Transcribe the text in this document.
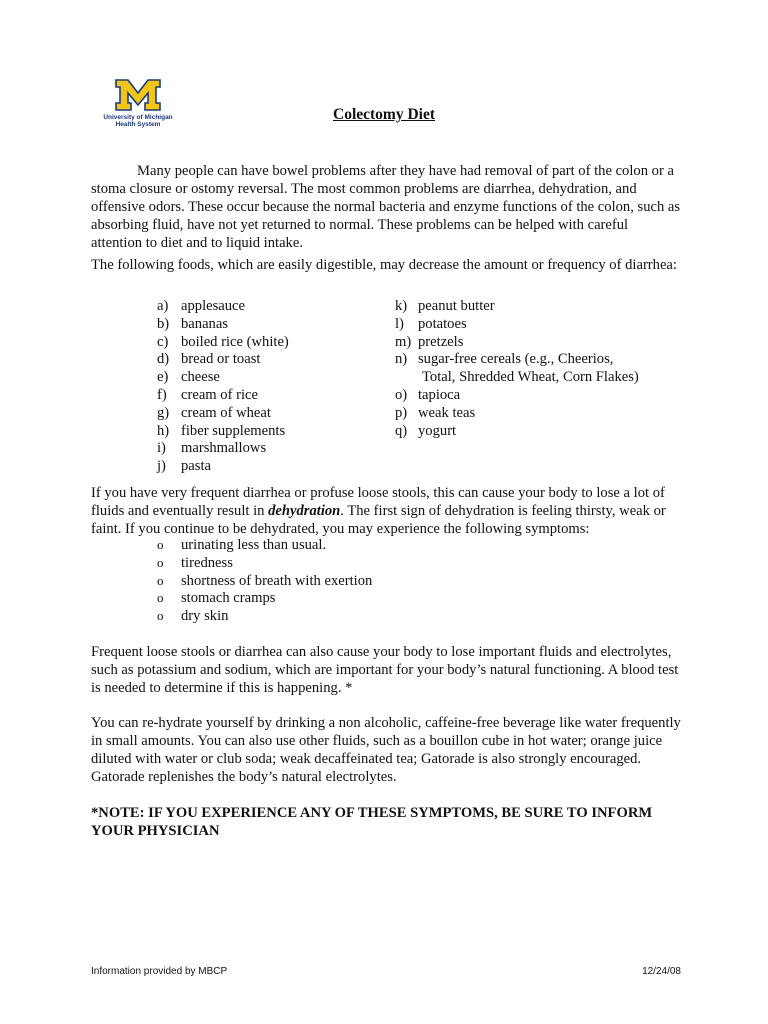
University of Michigan
Health System
Colectomy Diet

Many people can have bowel problems after they have had removal of part of the colon or a stoma closure or ostomy reversal. The most common problems are diarrhea, dehydration, and offensive odors. These occur because the normal bacteria and enzyme functions of the colon, such as absorbing fluid, have not yet returned to normal. These problems can be helped with careful attention to diet and to liquid intake.

The following foods, which are easily digestible, may decrease the amount or frequency of diarrhea:

a) applesauce
b) bananas
c) boiled rice (white)
d) bread or toast
e) cheese
f) cream of rice
g) cream of wheat
h) fiber supplements
i)	marshmallows
j)	pasta
k) peanut butter
l) potatoes
m) pretzels
n) sugar-free cereals (e.g., Cheerios,
Total, Shredded Wheat, Corn Flakes)
o) tapioca
p) weak teas
q) yogurt

If you have very frequent diarrhea or profuse loose stools, this can cause your body to lose a lot of fluids and eventually result in dehydration. The first sign of dehydration is feeling thirsty, weak or faint. If you continue to be dehydrated, you may experience the following symptoms:

o	urinating less than usual.
o	tiredness
o	shortness of breath with exertion
o	stomach cramps
o	dry skin

Frequent loose stools or diarrhea can also cause your body to lose important fluids and electrolytes, such as potassium and sodium, which are important for your body’s natural functioning. A blood test is needed to determine if this is happening. *

You can re-hydrate yourself by drinking a non alcoholic, caffeine-free beverage like water frequently in small amounts. You can also use other fluids, such as a bouillon cube in hot water; orange juice diluted with water or club soda; weak decaffeinated tea; Gatorade is also strongly encouraged. Gatorade replenishes the body’s natural electrolytes.

*NOTE: IF YOU EXPERIENCE ANY OF THESE SYMPTOMS, BE SURE TO INFORM YOUR PHYSICIAN

Information provided by MBCP	12/24/08
